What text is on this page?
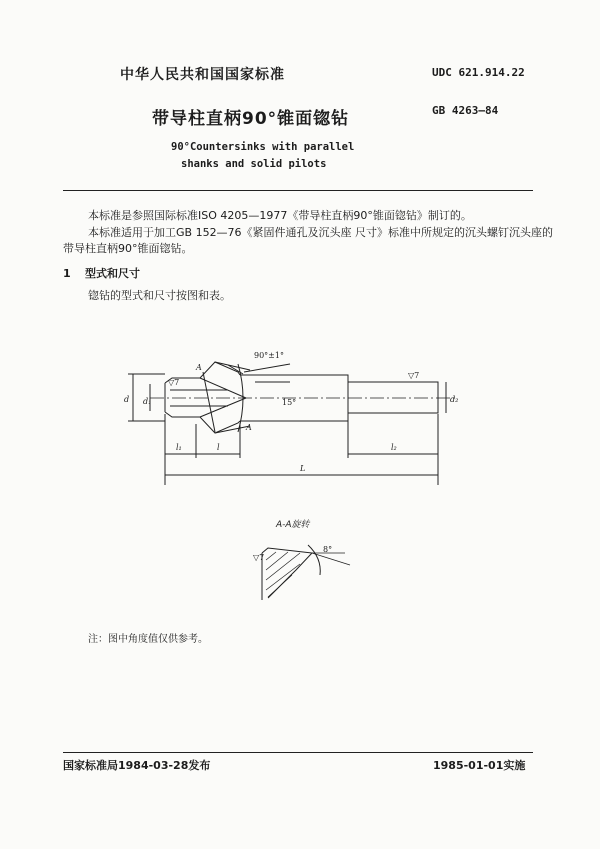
中华人民共和国国家标准	UDC 621.914.22
带导柱直柄90°锥面锪钻	GB 4263—84
90°Countersinks with parallel
shanks and solid pilots
本标准是参照国际标准ISO 4205—1977《带导柱直柄90°锥面锪钻》制订的。
本标准适用于加工GB 152—76《紧固件通孔及沉头座 尺寸》标准中所规定的沉头螺钉沉头座的
带导柱直柄90°锥面锪钻。
1 型式和尺寸
锪钻的型式和尺寸按图和表。
90°±1°
A
A
15°
▽7
▽7
d d₁	d₂
l₁	l	l₂
L
▽7
8°
A-A旋转
注：图中角度值仅供参考。
国家标准局1984-03-28发布	1985-01-01实施
